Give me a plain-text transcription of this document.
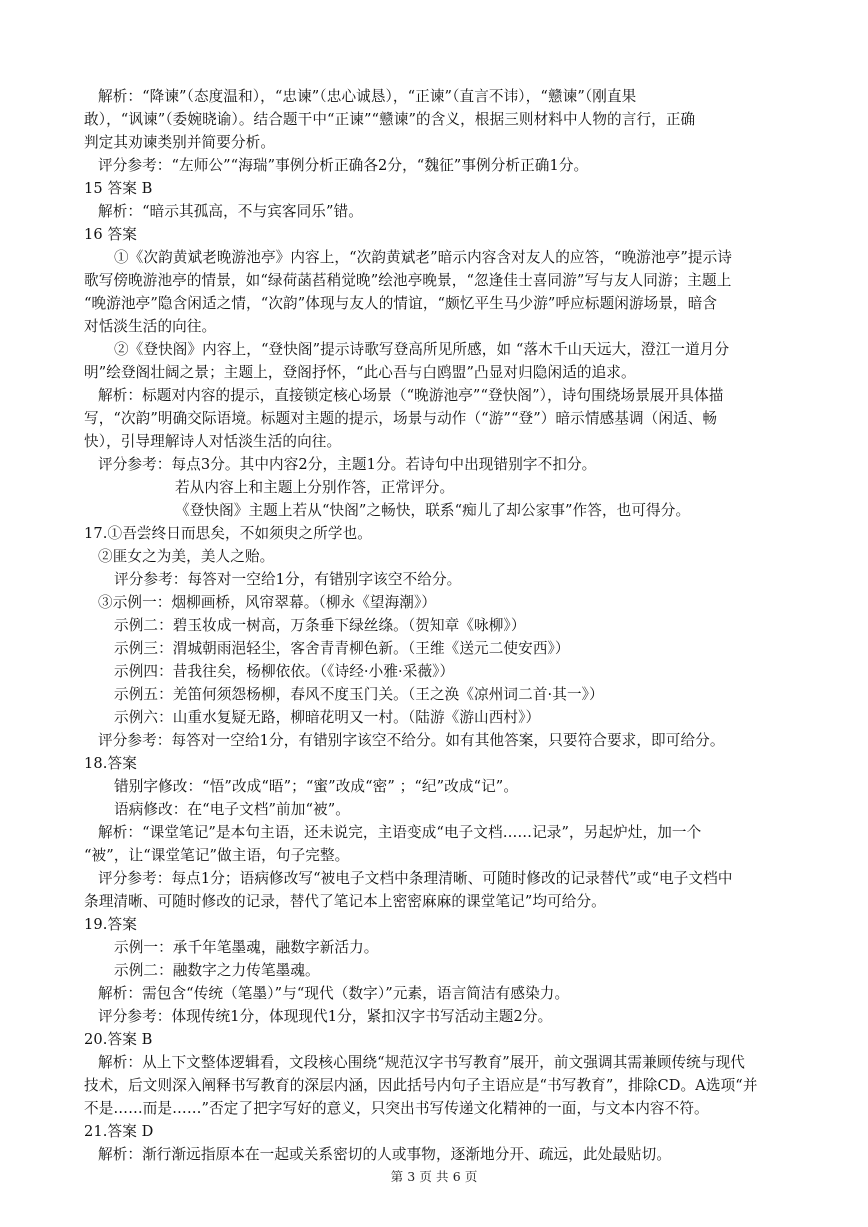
解析：“降谏”（态度温和），“忠谏”（忠心诚恳），“正谏”（直言不讳），“戆谏”（刚直果
敢），“讽谏”（委婉晓谕）。结合题干中“正谏”“戆谏”的含义，根据三则材料中人物的言行，正确
判定其劝谏类别并简要分析。
评分参考：“左师公”“海瑞”事例分析正确各2分，“魏征”事例分析正确1分。
15 答案 B
解析：“暗示其孤高，不与宾客同乐”错。
16 答案
①《次韵黄斌老晚游池亭》内容上，“次韵黄斌老”暗示内容含对友人的应答，“晚游池亭”提示诗
歌写傍晚游池亭的情景，如“绿荷菡萏稍觉晚”绘池亭晚景，“忽逢佳士喜同游”写与友人同游；主题上
“晚游池亭”隐含闲适之情，“次韵”体现与友人的情谊，“颇忆平生马少游”呼应标题闲游场景，暗含
对恬淡生活的向往。
②《登快阁》内容上，“登快阁”提示诗歌写登高所见所感，如 “落木千山天远大，澄江一道月分
明”绘登阁壮阔之景；主题上，登阁抒怀，“此心吾与白鸥盟”凸显对归隐闲适的追求。
解析：标题对内容的提示，直接锁定核心场景（“晚游池亭”“登快阁”），诗句围绕场景展开具体描
写，“次韵”明确交际语境。标题对主题的提示，场景与动作（“游”“登”）暗示情感基调（闲适、畅
快），引导理解诗人对恬淡生活的向往。
评分参考：每点3分。其中内容2分，主题1分。若诗句中出现错别字不扣分。
若从内容上和主题上分别作答，正常评分。
《登快阁》主题上若从“快阁”之畅快，联系“痴儿了却公家事”作答，也可得分。
17.①吾尝终日而思矣，不如须臾之所学也。
②匪女之为美，美人之贻。
评分参考：每答对一空给1分，有错别字该空不给分。
③示例一：烟柳画桥，风帘翠幕。（柳永《望海潮》）
示例二：碧玉妆成一树高，万条垂下绿丝绦。（贺知章《咏柳》）
示例三：渭城朝雨浥轻尘，客舍青青柳色新。（王维《送元二使安西》）
示例四：昔我往矣，杨柳依依。（《诗经·小雅·采薇》）
示例五：羌笛何须怨杨柳，春风不度玉门关。（王之涣《凉州词二首·其一》）
示例六：山重水复疑无路，柳暗花明又一村。（陆游《游山西村》）
评分参考：每答对一空给1分，有错别字该空不给分。如有其他答案，只要符合要求，即可给分。
18.答案
错别字修改：“悟”改成“晤”；“蜜”改成“密” ；“纪”改成“记”。
语病修改：在“电子文档”前加“被”。
解析：“课堂笔记”是本句主语，还未说完，主语变成“电子文档……记录”，另起炉灶，加一个
“被”，让“课堂笔记”做主语，句子完整。
评分参考：每点1分；语病修改写“被电子文档中条理清晰、可随时修改的记录替代”或“电子文档中
条理清晰、可随时修改的记录，替代了笔记本上密密麻麻的课堂笔记”均可给分。
19.答案
示例一：承千年笔墨魂，融数字新活力。
示例二：融数字之力传笔墨魂。
解析：需包含“传统（笔墨）”与“现代（数字）”元素，语言简洁有感染力。
评分参考：体现传统1分，体现现代1分，紧扣汉字书写活动主题2分。
20.答案 B
解析：从上下文整体逻辑看，文段核心围绕“规范汉字书写教育”展开，前文强调其需兼顾传统与现代
技术，后文则深入阐释书写教育的深层内涵，因此括号内句子主语应是“书写教育”，排除CD。A选项“并
不是……而是……”否定了把字写好的意义，只突出书写传递文化精神的一面，与文本内容不符。
21.答案 D
解析：渐行渐远指原本在一起或关系密切的人或事物，逐渐地分开、疏远，此处最贴切。
第 3 页 共 6 页
